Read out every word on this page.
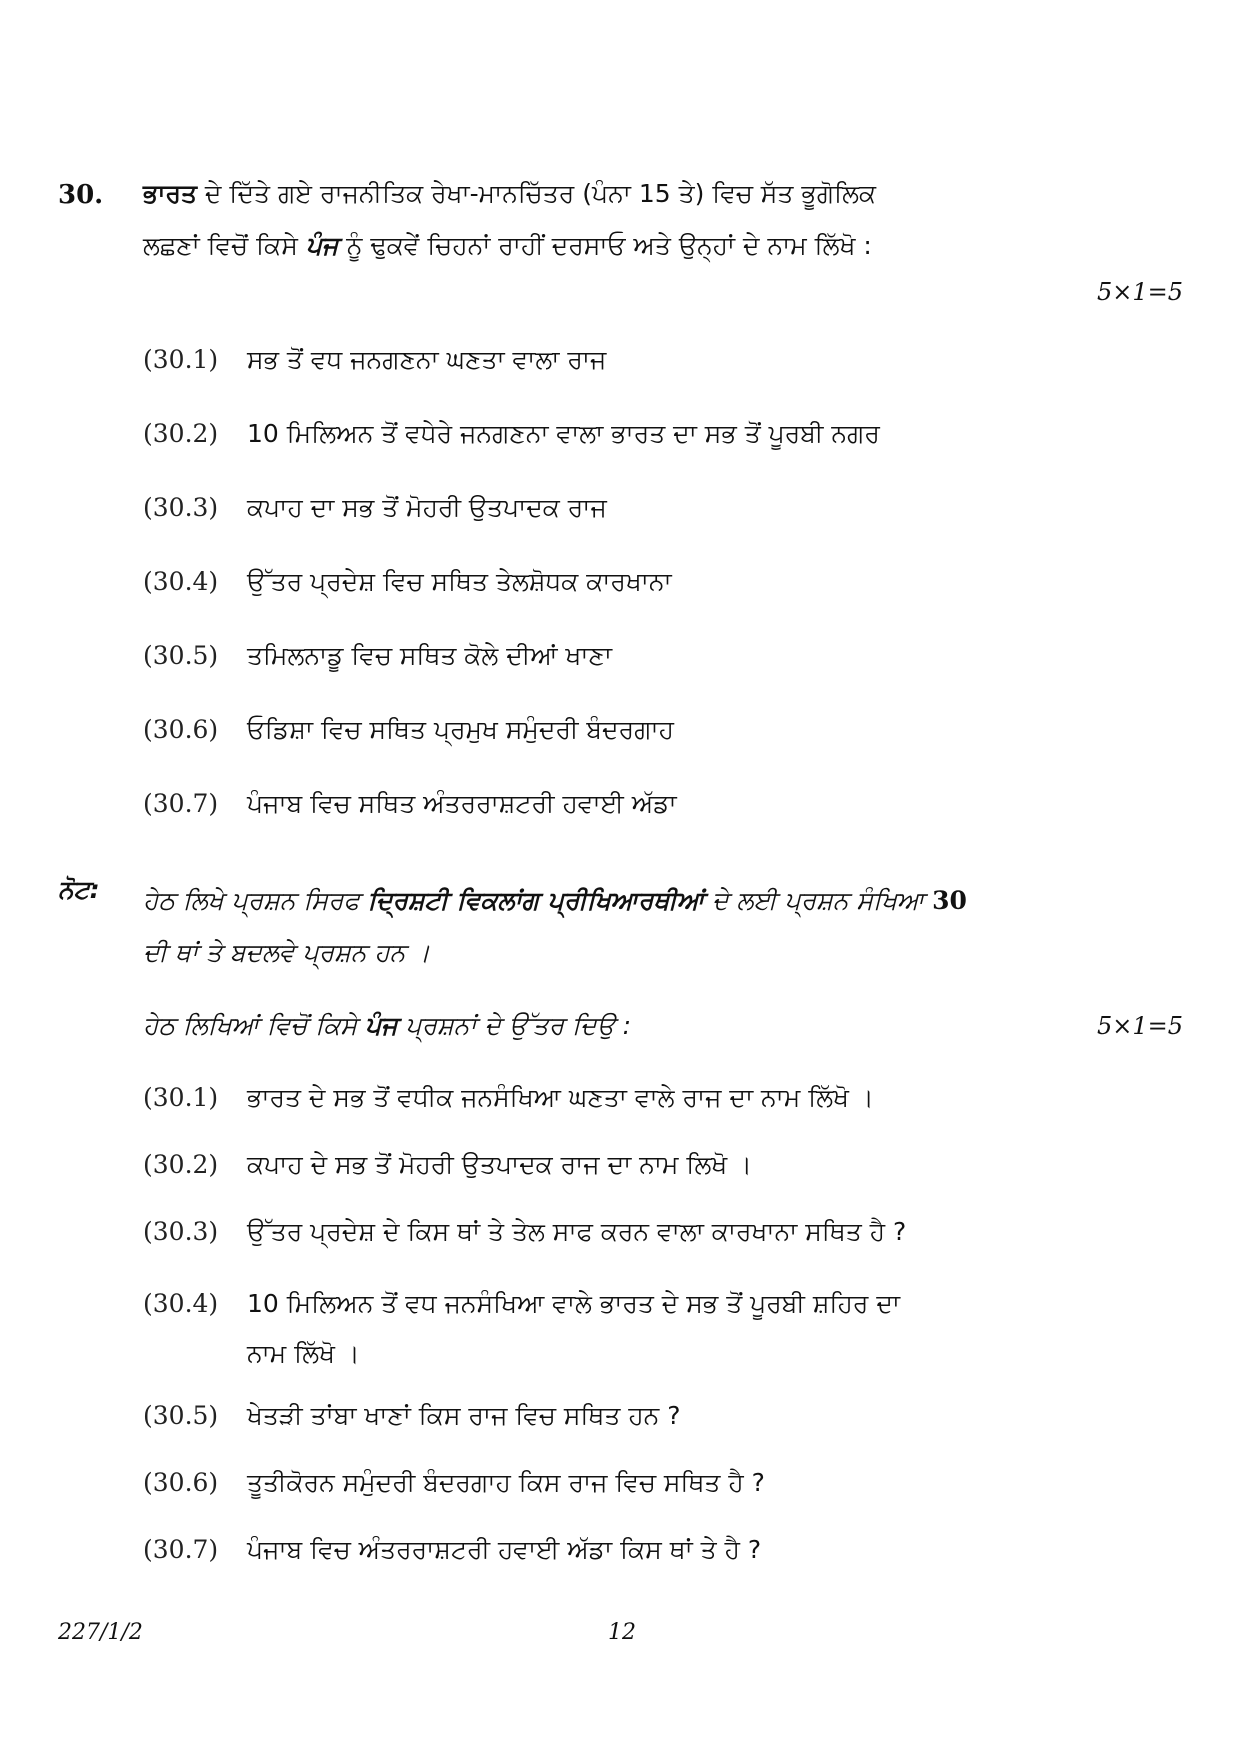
30. ਭਾਰਤ ਦੇ ਦਿੱਤੇ ਗਏ ਰਾਜਨੀਤਿਕ ਰੇਖਾ-ਮਾਨਚਿੱਤਰ (ਪੰਨਾ 15 ਤੇ) ਵਿਚ ਸੱਤ ਭੂਗੋਲਿਕ
ਲਛਣਾਂ ਵਿਚੋਂ ਕਿਸੇ ਪੰਜ ਨੂੰ ਢੁਕਵੇਂ ਚਿਹਨਾਂ ਰਾਹੀਂ ਦਰਸਾਓ ਅਤੇ ਉਨ੍ਹਾਂ ਦੇ ਨਾਮ ਲਿੱਖੋ :
5×1=5
(30.1) ਸਭ ਤੋਂ ਵਧ ਜਨਗਣਨਾ ਘਣਤਾ ਵਾਲਾ ਰਾਜ
(30.2) 10 ਮਿਲਿਅਨ ਤੋਂ ਵਧੇਰੇ ਜਨਗਣਨਾ ਵਾਲਾ ਭਾਰਤ ਦਾ ਸਭ ਤੋਂ ਪੂਰਬੀ ਨਗਰ
(30.3) ਕਪਾਹ ਦਾ ਸਭ ਤੋਂ ਮੋਹਰੀ ਉਤਪਾਦਕ ਰਾਜ
(30.4) ਉੱਤਰ ਪ੍ਰਦੇਸ਼ ਵਿਚ ਸਥਿਤ ਤੇਲਸ਼ੋਧਕ ਕਾਰਖਾਨਾ
(30.5) ਤਮਿਲਨਾਡੂ ਵਿਚ ਸਥਿਤ ਕੋਲੇ ਦੀਆਂ ਖਾਣਾ
(30.6) ਓਡਿਸ਼ਾ ਵਿਚ ਸਥਿਤ ਪ੍ਰਮੁਖ ਸਮੁੰਦਰੀ ਬੰਦਰਗਾਹ
(30.7) ਪੰਜਾਬ ਵਿਚ ਸਥਿਤ ਅੰਤਰਰਾਸ਼ਟਰੀ ਹਵਾਈ ਅੱਡਾ
ਨੋਟ: ਹੇਠ ਲਿਖੇ ਪ੍ਰਸ਼ਨ ਸਿਰਫ ਦ੍ਰਿਸ਼ਟੀ ਵਿਕਲਾਂਗ ਪ੍ਰੀਖਿਆਰਥੀਆਂ ਦੇ ਲਈ ਪ੍ਰਸ਼ਨ ਸੰਖਿਆ 30
ਦੀ ਥਾਂ ਤੇ ਬਦਲਵੇ ਪ੍ਰਸ਼ਨ ਹਨ ।
ਹੇਠ ਲਿਖਿਆਂ ਵਿਚੋਂ ਕਿਸੇ ਪੰਜ ਪ੍ਰਸ਼ਨਾਂ ਦੇ ਉੱਤਰ ਦਿਉ :	5×1=5
(30.1) ਭਾਰਤ ਦੇ ਸਭ ਤੋਂ ਵਧੀਕ ਜਨਸੰਖਿਆ ਘਣਤਾ ਵਾਲੇ ਰਾਜ ਦਾ ਨਾਮ ਲਿੱਖੋ ।
(30.2) ਕਪਾਹ ਦੇ ਸਭ ਤੋਂ ਮੋਹਰੀ ਉਤਪਾਦਕ ਰਾਜ ਦਾ ਨਾਮ ਲਿਖੋ ।
(30.3) ਉੱਤਰ ਪ੍ਰਦੇਸ਼ ਦੇ ਕਿਸ ਥਾਂ ਤੇ ਤੇਲ ਸਾਫ ਕਰਨ ਵਾਲਾ ਕਾਰਖਾਨਾ ਸਥਿਤ ਹੈ ?
(30.4) 10 ਮਿਲਿਅਨ ਤੋਂ ਵਧ ਜਨਸੰਖਿਆ ਵਾਲੇ ਭਾਰਤ ਦੇ ਸਭ ਤੋਂ ਪੂਰਬੀ ਸ਼ਹਿਰ ਦਾ
ਨਾਮ ਲਿੱਖੋ ।
(30.5) ਖੇਤੜੀ ਤਾਂਬਾ ਖਾਣਾਂ ਕਿਸ ਰਾਜ ਵਿਚ ਸਥਿਤ ਹਨ ?
(30.6) ਤੂਤੀਕੋਰਨ ਸਮੁੰਦਰੀ ਬੰਦਰਗਾਹ ਕਿਸ ਰਾਜ ਵਿਚ ਸਥਿਤ ਹੈ ?
(30.7) ਪੰਜਾਬ ਵਿਚ ਅੰਤਰਰਾਸ਼ਟਰੀ ਹਵਾਈ ਅੱਡਾ ਕਿਸ ਥਾਂ ਤੇ ਹੈ ?
227/1/2	12
